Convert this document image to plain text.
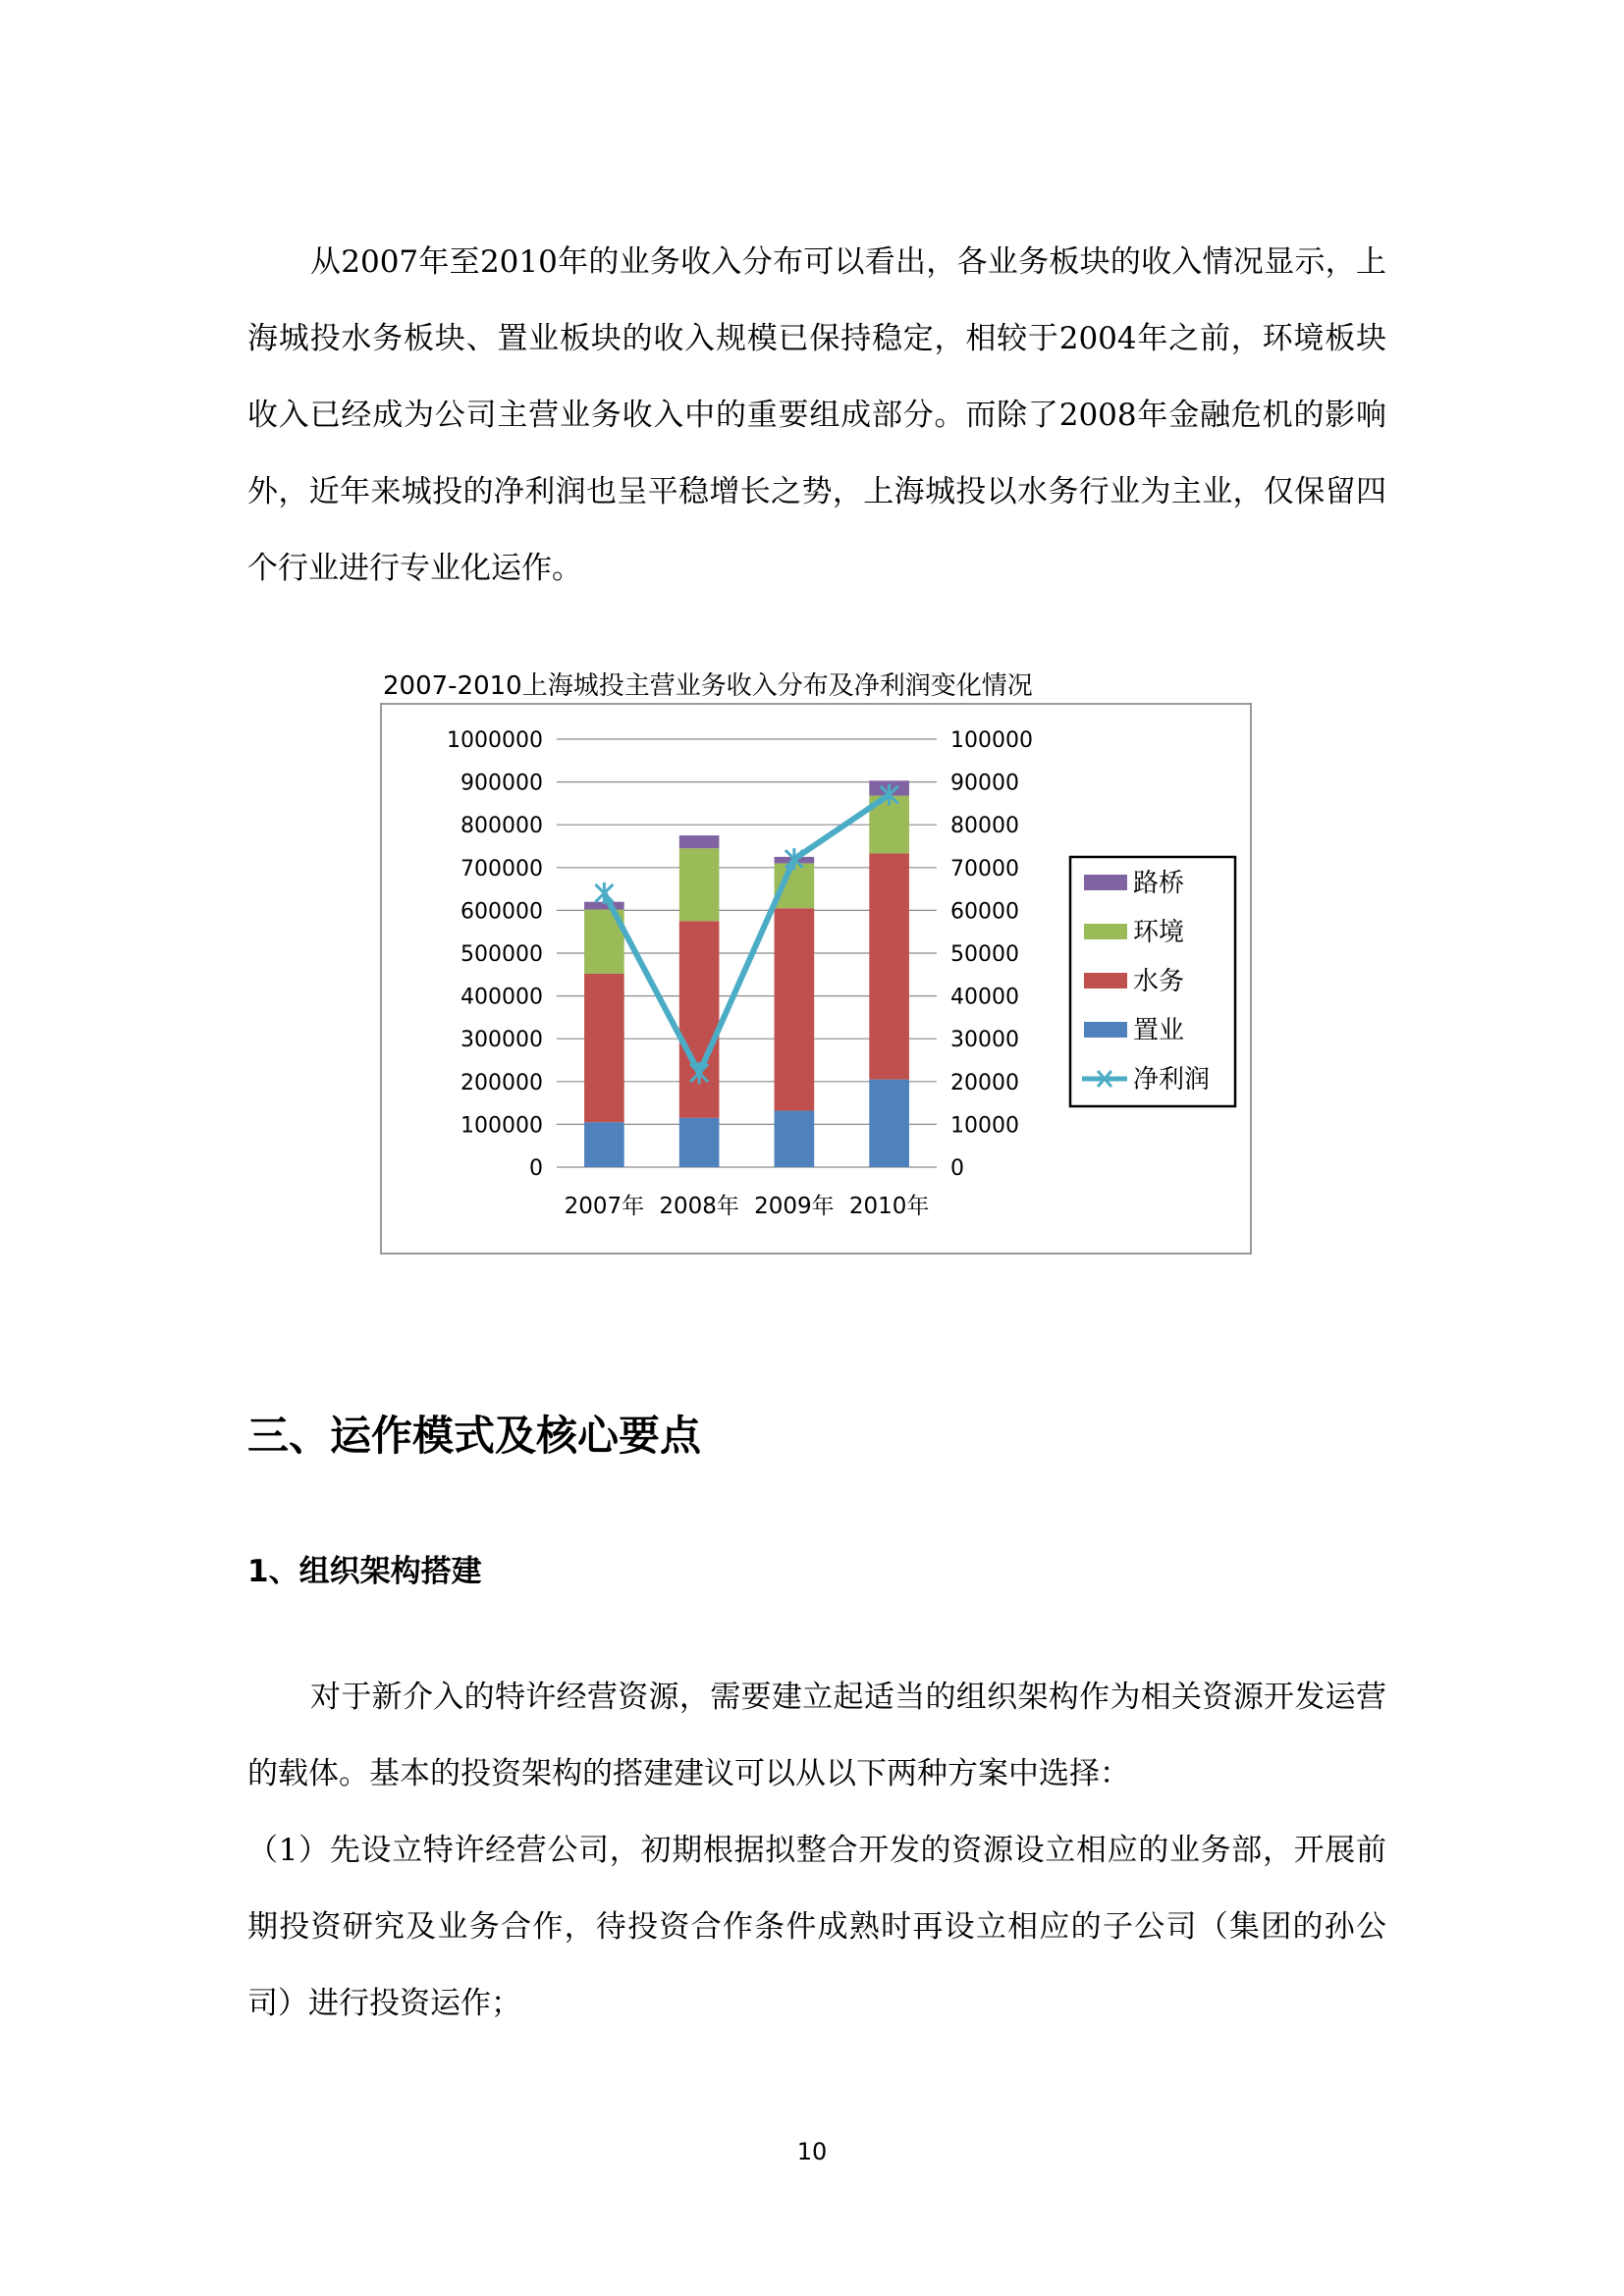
从2007年至2010年的业务收入分布可以看出，各业务板块的收入情况显示，上海城投水务板块、置业板块的收入规模已保持稳定，相较于2004年之前，环境板块收入已经成为公司主营业务收入中的重要组成部分。而除了2008年金融危机的影响外，近年来城投的净利润也呈平稳增长之势，上海城投以水务行业为主业，仅保留四个行业进行专业化运作。

2007-2010上海城投主营业务收入分布及净利润变化情况
0
100000
200000
300000
400000
500000
600000
700000
800000
900000
1000000
0
10000
20000
30000
40000
50000
60000
70000
80000
90000
100000
2007年 2008年 2009年 2010年
路桥
环境
水务
置业
净利润
三、运作模式及核心要点
1、组织架构搭建

对于新介入的特许经营资源，需要建立起适当的组织架构作为相关资源开发运营的载体。基本的投资架构的搭建建议可以从以下两种方案中选择：

（1）先设立特许经营公司，初期根据拟整合开发的资源设立相应的业务部，开展前期投资研究及业务合作，待投资合作条件成熟时再设立相应的子公司（集团的孙公司）进行投资运作；

10
